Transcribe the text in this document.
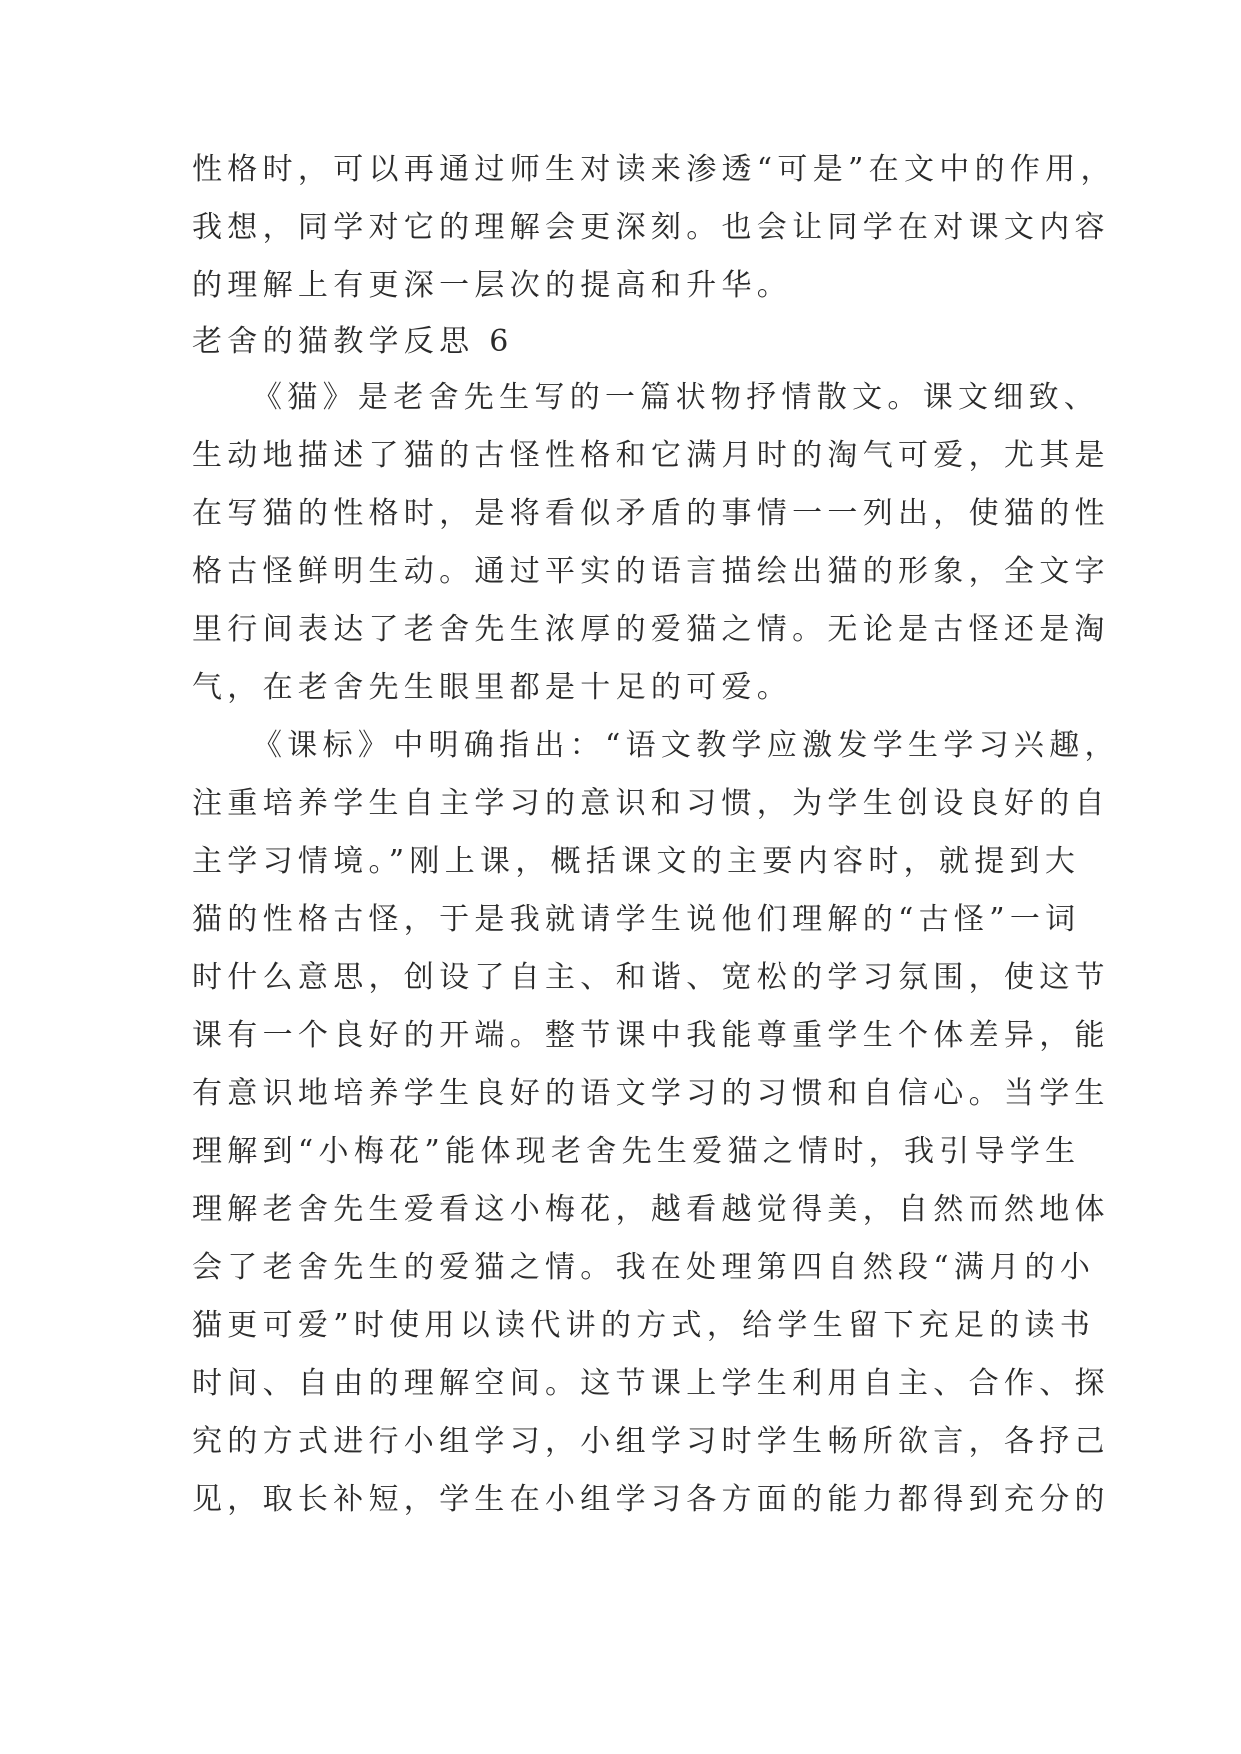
性格时，可以再通过师生对读来渗透“可是”在文中的作用，
我想，同学对它的理解会更深刻。也会让同学在对课文内容
的理解上有更深一层次的提高和升华。
老舍的猫教学反思 6
《猫》是老舍先生写的一篇状物抒情散文。课文细致、
生动地描述了猫的古怪性格和它满月时的淘气可爱，尤其是
在写猫的性格时，是将看似矛盾的事情一一列出，使猫的性
格古怪鲜明生动。通过平实的语言描绘出猫的形象，全文字
里行间表达了老舍先生浓厚的爱猫之情。无论是古怪还是淘
气，在老舍先生眼里都是十足的可爱。
《课标》中明确指出：“语文教学应激发学生学习兴趣，
注重培养学生自主学习的意识和习惯，为学生创设良好的自
主学习情境。”刚上课，概括课文的主要内容时，就提到大
猫的性格古怪，于是我就请学生说他们理解的“古怪”一词
时什么意思，创设了自主、和谐、宽松的学习氛围，使这节
课有一个良好的开端。整节课中我能尊重学生个体差异，能
有意识地培养学生良好的语文学习的习惯和自信心。当学生
理解到“小梅花”能体现老舍先生爱猫之情时，我引导学生
理解老舍先生爱看这小梅花，越看越觉得美，自然而然地体
会了老舍先生的爱猫之情。我在处理第四自然段“满月的小
猫更可爱”时使用以读代讲的方式，给学生留下充足的读书
时间、自由的理解空间。这节课上学生利用自主、合作、探
究的方式进行小组学习，小组学习时学生畅所欲言，各抒己
见，取长补短，学生在小组学习各方面的能力都得到充分的
